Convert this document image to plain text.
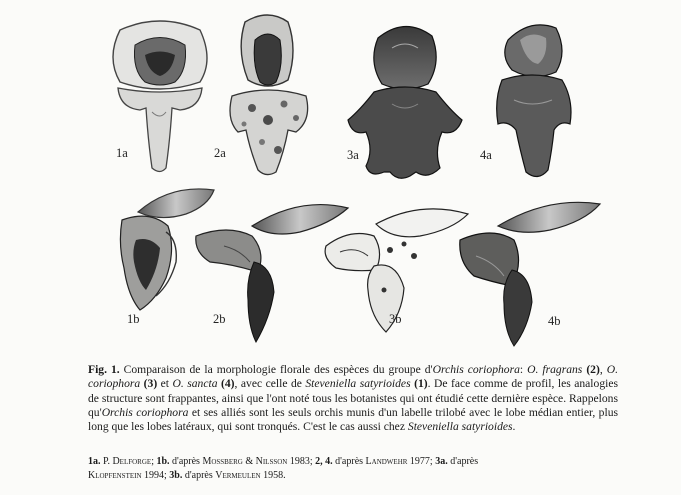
1a	2a	3a	4a
1b	2b	3b	4b

Fig. 1. Comparaison de la morphologie florale des espèces du groupe d'Orchis coriophora: O. fragrans (2), O. coriophora (3) et O. sancta (4), avec celle de Steveniella satyrioides (1). De face comme de profil, les analogies de structure sont frappantes, ainsi que l'ont noté tous les botanistes qui ont étudié cette dernière espèce. Rappelons qu'Orchis coriophora et ses alliés sont les seuls orchis munis d'un labelle trilobé avec le lobe médian entier, plus long que les lobes latéraux, qui sont tronqués. C'est le cas aussi chez Steveniella satyrioides.

1a. P. Delforge; 1b. d'après Mossberg & Nilsson 1983; 2, 4. d'après Landwehr 1977; 3a. d'après
Klopfenstein 1994; 3b. d'après Vermeulen 1958.
